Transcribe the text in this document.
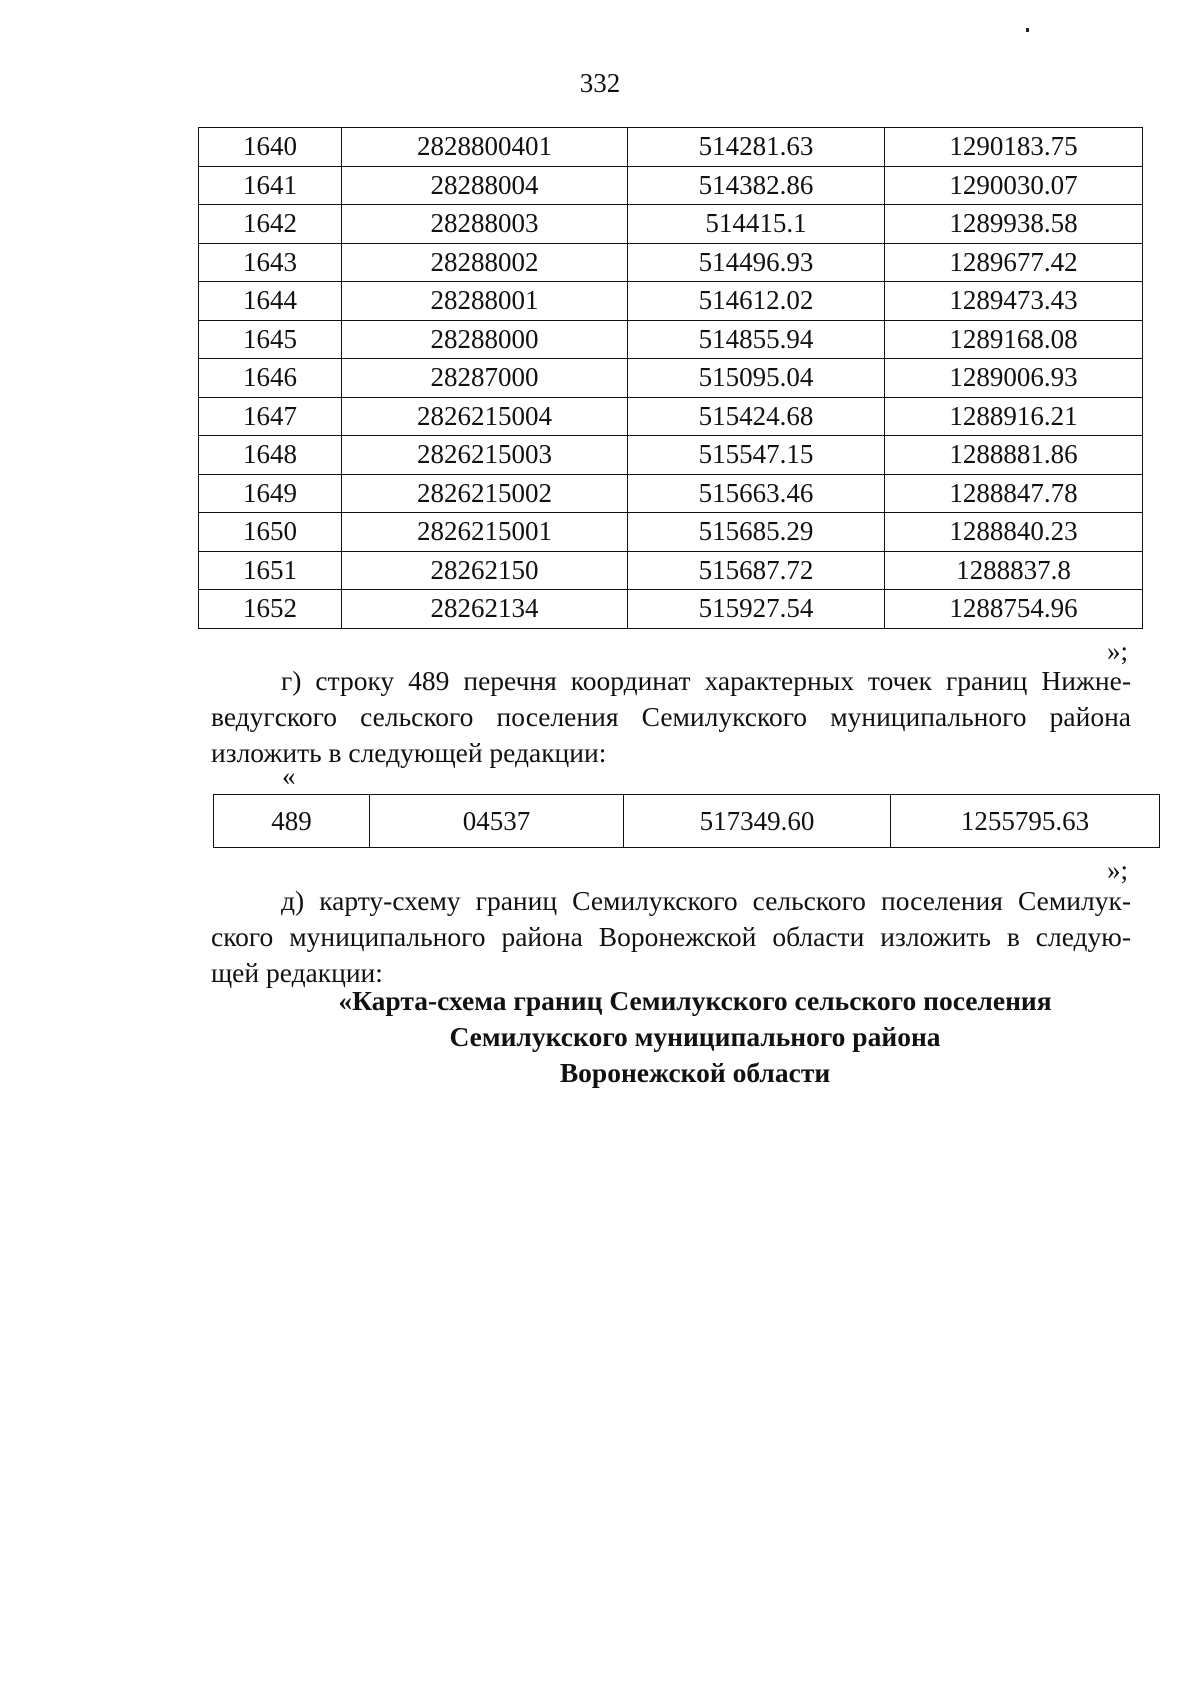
332
1640	2828800401	514281.63	1290183.75
1641	28288004	514382.86	1290030.07
1642	28288003	514415.1	1289938.58
1643	28288002	514496.93	1289677.42
1644	28288001	514612.02	1289473.43
1645	28288000	514855.94	1289168.08
1646	28287000	515095.04	1289006.93
1647	2826215004	515424.68	1288916.21
1648	2826215003	515547.15	1288881.86
1649	2826215002	515663.46	1288847.78
1650	2826215001	515685.29	1288840.23
1651	28262150	515687.72	1288837.8
1652	28262134	515927.54	1288754.96
»;
г) строку 489 перечня координат характерных точек границ Нижне-
ведугского сельского поселения Семилукского муниципального района
изложить в следующей редакции:
«
489	04537	517349.60	1255795.63
»;
д) карту-схему границ Семилукского сельского поселения Семилук-
ского муниципального района Воронежской области изложить в следую-
щей редакции:
«Карта-схема границ Семилукского сельского поселения
Семилукского муниципального района
Воронежской области
